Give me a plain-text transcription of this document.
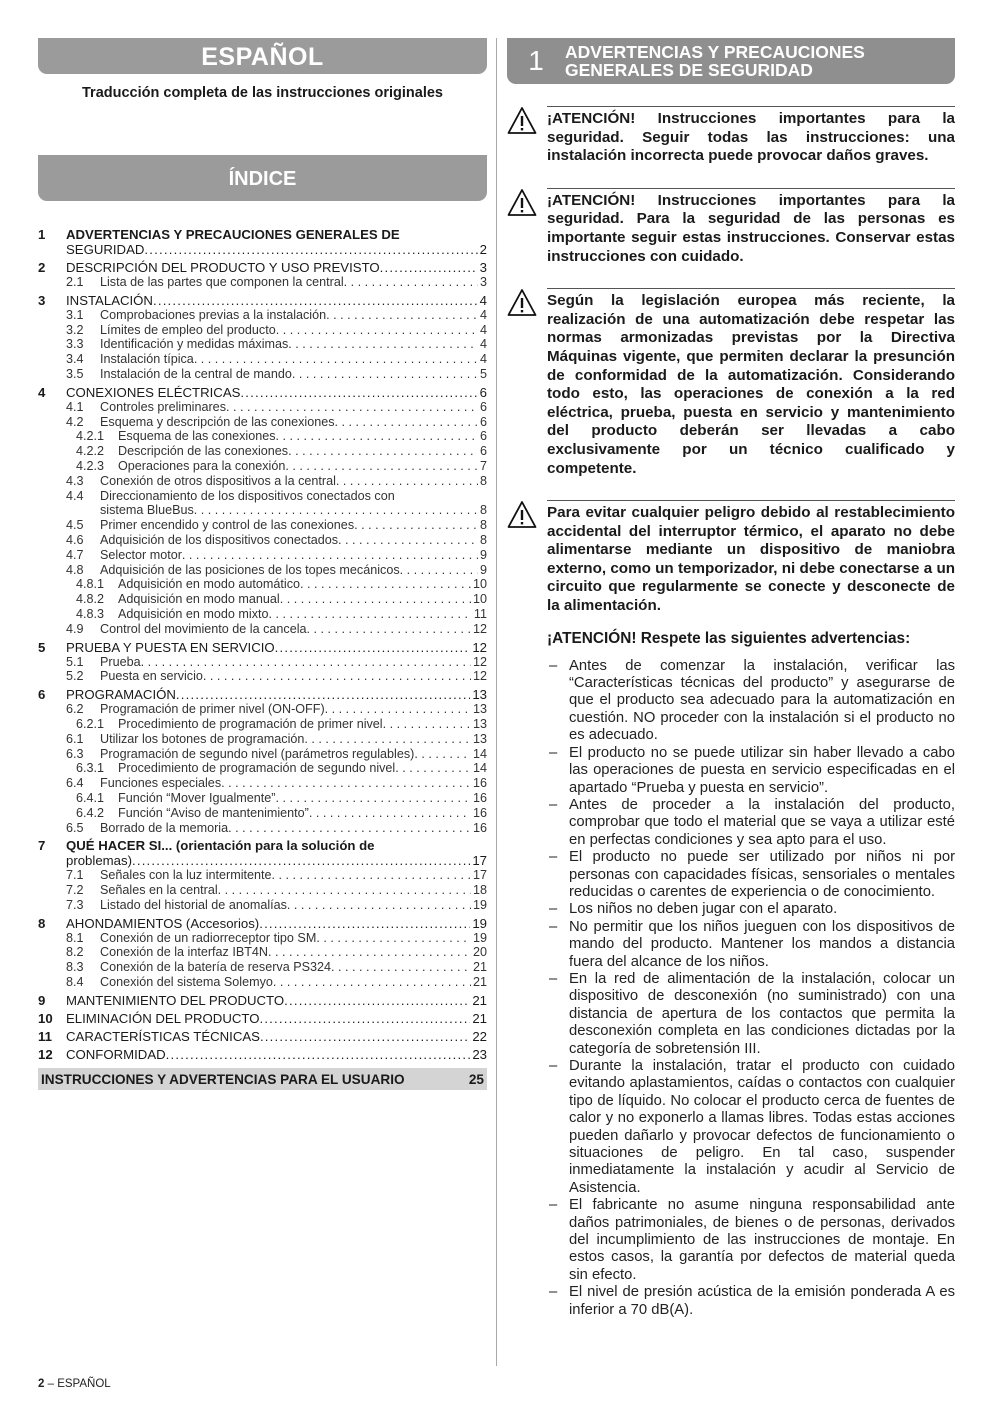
ESPAÑOL
Traducción completa de las instrucciones originales
ÍNDICE
1	ADVERTENCIAS Y PRECAUCIONES GENERALES DE
SEGURIDAD .....	2
2	DESCRIPCIÓN DEL PRODUCTO Y USO PREVISTO .....	3
2.1	Lista de las partes que componen la central . . .	3
3	INSTALACIÓN .....	4
3.1	Comprobaciones previas a la instalación . . .	4
3.2	Límites de empleo del producto . . .	4
3.3	Identificación y medidas máximas . . .	4
3.4	Instalación típica . . .	4
3.5	Instalación de la central de mando . . .	5
4	CONEXIONES ELÉCTRICAS .....	6
4.1	Controles preliminares . . .	6
4.2	Esquema y descripción de las conexiones . . .	6
4.2.1	Esquema de las conexiones . . .	6
4.2.2	Descripción de las conexiones . . .	6
4.2.3	Operaciones para la conexión . . .	7
4.3	Conexión de otros dispositivos a la central . . .	8
4.4	Direccionamiento de los dispositivos conectados con
sistema BlueBus . . .	8
4.5	Primer encendido y control de las conexiones . . .	8
4.6	Adquisición de los dispositivos conectados . . .	8
4.7	Selector motor . . .	9
4.8	Adquisición de las posiciones de los topes mecánicos . . .	9
4.8.1	Adquisición en modo automático . . .	10
4.8.2	Adquisición en modo manual . . .	10
4.8.3	Adquisición en modo mixto . . .	11
4.9	Control del movimiento de la cancela . . .	12
5	PRUEBA Y PUESTA EN SERVICIO .....	12
5.1	Prueba . . .	12
5.2	Puesta en servicio . . .	12
6	PROGRAMACIÓN .....	13
6.2	Programación de primer nivel (ON-OFF) . . .	13
6.2.1	Procedimiento de programación de primer nivel . . .	13
6.1	Utilizar los botones de programación . . .	13
6.3	Programación de segundo nivel (parámetros regulables) . . .	14
6.3.1	Procedimiento de programación de segundo nivel . . .	14
6.4	Funciones especiales . . .	16
6.4.1	Función “Mover Igualmente” . . .	16
6.4.2	Función “Aviso de mantenimiento” . . .	16
6.5	Borrado de la memoria . . .	16
7	QUÉ HACER SI... (orientación para la solución de
problemas) .....	17
7.1	Señales con la luz intermitente . . .	17
7.2	Señales en la central . . .	18
7.3	Listado del historial de anomalías . . .	19
8	AHONDAMIENTOS (Accesorios) .....	19
8.1	Conexión de un radiorreceptor tipo SM . . .	19
8.2	Conexión de la interfaz IBT4N . . .	20
8.3	Conexión de la batería de reserva PS324 . . .	21
8.4	Conexión del sistema Solemyo . . .	21
9	MANTENIMIENTO DEL PRODUCTO .....	21
10	ELIMINACIÓN DEL PRODUCTO .....	21
11	CARACTERÍSTICAS TÉCNICAS .....	22
12	CONFORMIDAD .....	23
INSTRUCCIONES Y ADVERTENCIAS PARA EL USUARIO	25
1	ADVERTENCIAS Y PRECAUCIONES
GENERALES DE SEGURIDAD
¡ATENCIÓN! Instrucciones importantes para la seguridad. Seguir todas las instrucciones: una instalación incorrecta puede provocar daños graves.
¡ATENCIÓN! Instrucciones importantes para la seguridad. Para la seguridad de las personas es importante seguir estas instrucciones. Conservar estas instrucciones con cuidado.
Según la legislación europea más reciente, la realización de una automatización debe respetar las normas armonizadas previstas por la Directiva Máquinas vigente, que permiten declarar la presunción de conformidad de la automatización. Considerando todo esto, las operaciones de conexión a la red eléctrica, prueba, puesta en servicio y mantenimiento del producto deberán ser llevadas a cabo exclusivamente por un técnico cualificado y competente.
Para evitar cualquier peligro debido al restablecimiento accidental del interruptor térmico, el aparato no debe alimentarse mediante un dispositivo de maniobra externo, como un temporizador, ni debe conectarse a un circuito que regularmente se conecte y desconecte de la alimentación.
¡ATENCIÓN! Respete las siguientes advertencias:
– Antes de comenzar la instalación, verificar las “Características técnicas del producto” y asegurarse de que el producto sea adecuado para la automatización en cuestión. NO proceder con la instalación si el producto no es adecuado.
– El producto no se puede utilizar sin haber llevado a cabo las operaciones de puesta en servicio especificadas en el apartado “Prueba y puesta en servicio”.
– Antes de proceder a la instalación del producto, comprobar que todo el material que se vaya a utilizar esté en perfectas condiciones y sea apto para el uso.
– El producto no puede ser utilizado por niños ni por personas con capacidades físicas, sensoriales o mentales reducidas o carentes de experiencia o de conocimiento.
– Los niños no deben jugar con el aparato.
– No permitir que los niños jueguen con los dispositivos de mando del producto. Mantener los mandos a distancia fuera del alcance de los niños.
– En la red de alimentación de la instalación, colocar un dispositivo de desconexión (no suministrado) con una distancia de apertura de los contactos que permita la desconexión completa en las condiciones dictadas por la categoría de sobretensión III.
– Durante la instalación, tratar el producto con cuidado evitando aplastamientos, caídas o contactos con cualquier tipo de líquido. No colocar el producto cerca de fuentes de calor y no exponerlo a llamas libres. Todas estas acciones pueden dañarlo y provocar defectos de funcionamiento o situaciones de peligro. En tal caso, suspender inmediatamente la instalación y acudir al Servicio de Asistencia.
– El fabricante no asume ninguna responsabilidad ante daños patrimoniales, de bienes o de personas, derivados del incumplimiento de las instrucciones de montaje. En estos casos, la garantía por defectos de material queda sin efecto.
– El nivel de presión acústica de la emisión ponderada A es inferior a 70 dB(A).
2 – ESPAÑOL
